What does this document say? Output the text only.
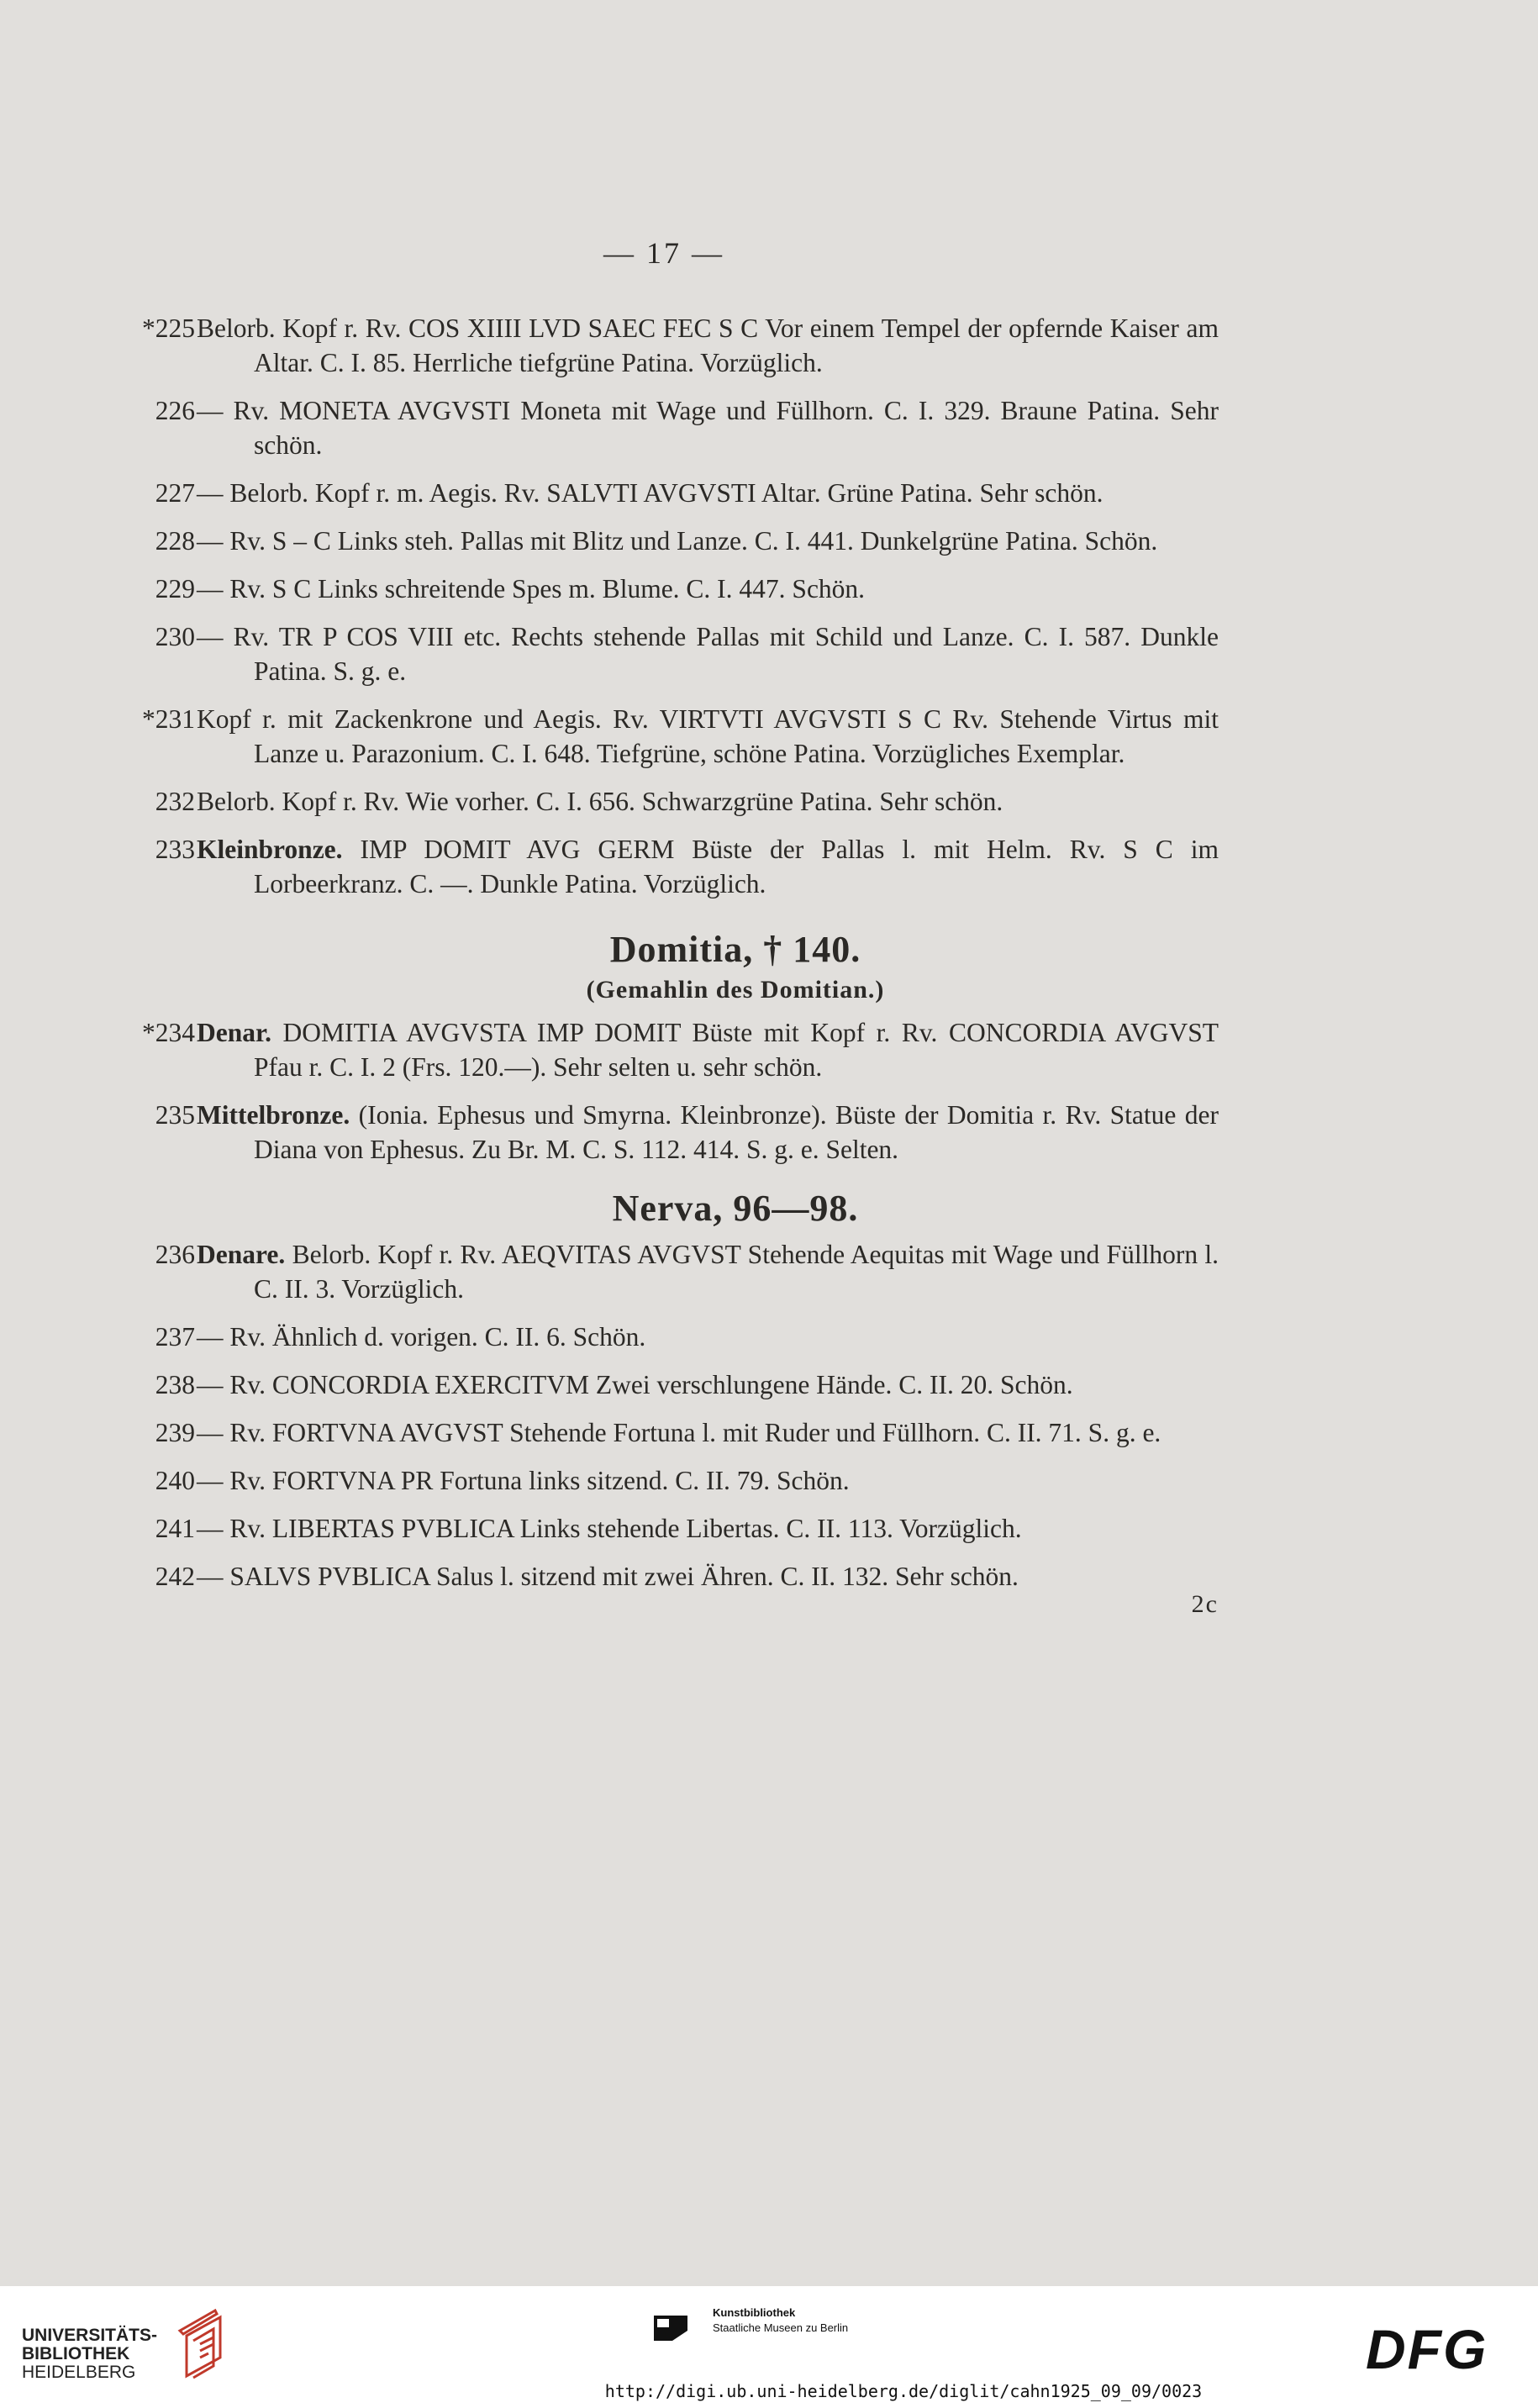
— 17 —
*225 Belorb. Kopf r. Rv. COS XIIII LVD SAEC FEC S C Vor einem Tempel der opfernde Kaiser am Altar. C. I. 85. Herrliche tiefgrüne Patina. Vorzüglich.
226 — Rv. MONETA AVGVSTI Moneta mit Wage und Füllhorn. C. I. 329. Braune Patina. Sehr schön.
227 — Belorb. Kopf r. m. Aegis. Rv. SALVTI AVGVSTI Altar. Grüne Patina. Sehr schön.
228 — Rv. S – C Links steh. Pallas mit Blitz und Lanze. C. I. 441. Dunkelgrüne Patina. Schön.
229 — Rv. S C Links schreitende Spes m. Blume. C. I. 447. Schön.
230 — Rv. TR P COS VIII etc. Rechts stehende Pallas mit Schild und Lanze. C. I. 587. Dunkle Patina. S. g. e.
*231 Kopf r. mit Zackenkrone und Aegis. Rv. VIRTVTI AVGVSTI S C Rv. Stehende Virtus mit Lanze u. Parazonium. C. I. 648. Tiefgrüne, schöne Patina. Vorzügliches Exemplar.
232 Belorb. Kopf r. Rv. Wie vorher. C. I. 656. Schwarzgrüne Patina. Sehr schön.
233 Kleinbronze. IMP DOMIT AVG GERM Büste der Pallas l. mit Helm. Rv. S C im Lorbeerkranz. C. —. Dunkle Patina. Vorzüglich.
Domitia, † 140.
(Gemahlin des Domitian.)
*234 Denar. DOMITIA AVGVSTA IMP DOMIT Büste mit Kopf r. Rv. CONCORDIA AVGVST Pfau r. C. I. 2 (Frs. 120.—). Sehr selten u. sehr schön.
235 Mittelbronze. (Ionia. Ephesus und Smyrna. Kleinbronze). Büste der Domitia r. Rv. Statue der Diana von Ephesus. Zu Br. M. C. S. 112. 414. S. g. e. Selten.
Nerva, 96—98.
236 Denare. Belorb. Kopf r. Rv. AEQVITAS AVGVST Stehende Aequitas mit Wage und Füllhorn l. C. II. 3. Vorzüglich.
237 — Rv. Ähnlich d. vorigen. C. II. 6. Schön.
238 — Rv. CONCORDIA EXERCITVM Zwei verschlungene Hände. C. II. 20. Schön.
239 — Rv. FORTVNA AVGVST Stehende Fortuna l. mit Ruder und Füllhorn. C. II. 71. S. g. e.
240 — Rv. FORTVNA PR Fortuna links sitzend. C. II. 79. Schön.
241 — Rv. LIBERTAS PVBLICA Links stehende Libertas. C. II. 113. Vorzüglich.
242 — SALVS PVBLICA Salus l. sitzend mit zwei Ähren. C. II. 132. Sehr schön.
2c
UNIVERSITÄTS-
BIBLIOTHEK
HEIDELBERG
Kunstbibliothek
Staatliche Museen zu Berlin	DFG
http://digi.ub.uni-heidelberg.de/diglit/cahn1925_09_09/0023
